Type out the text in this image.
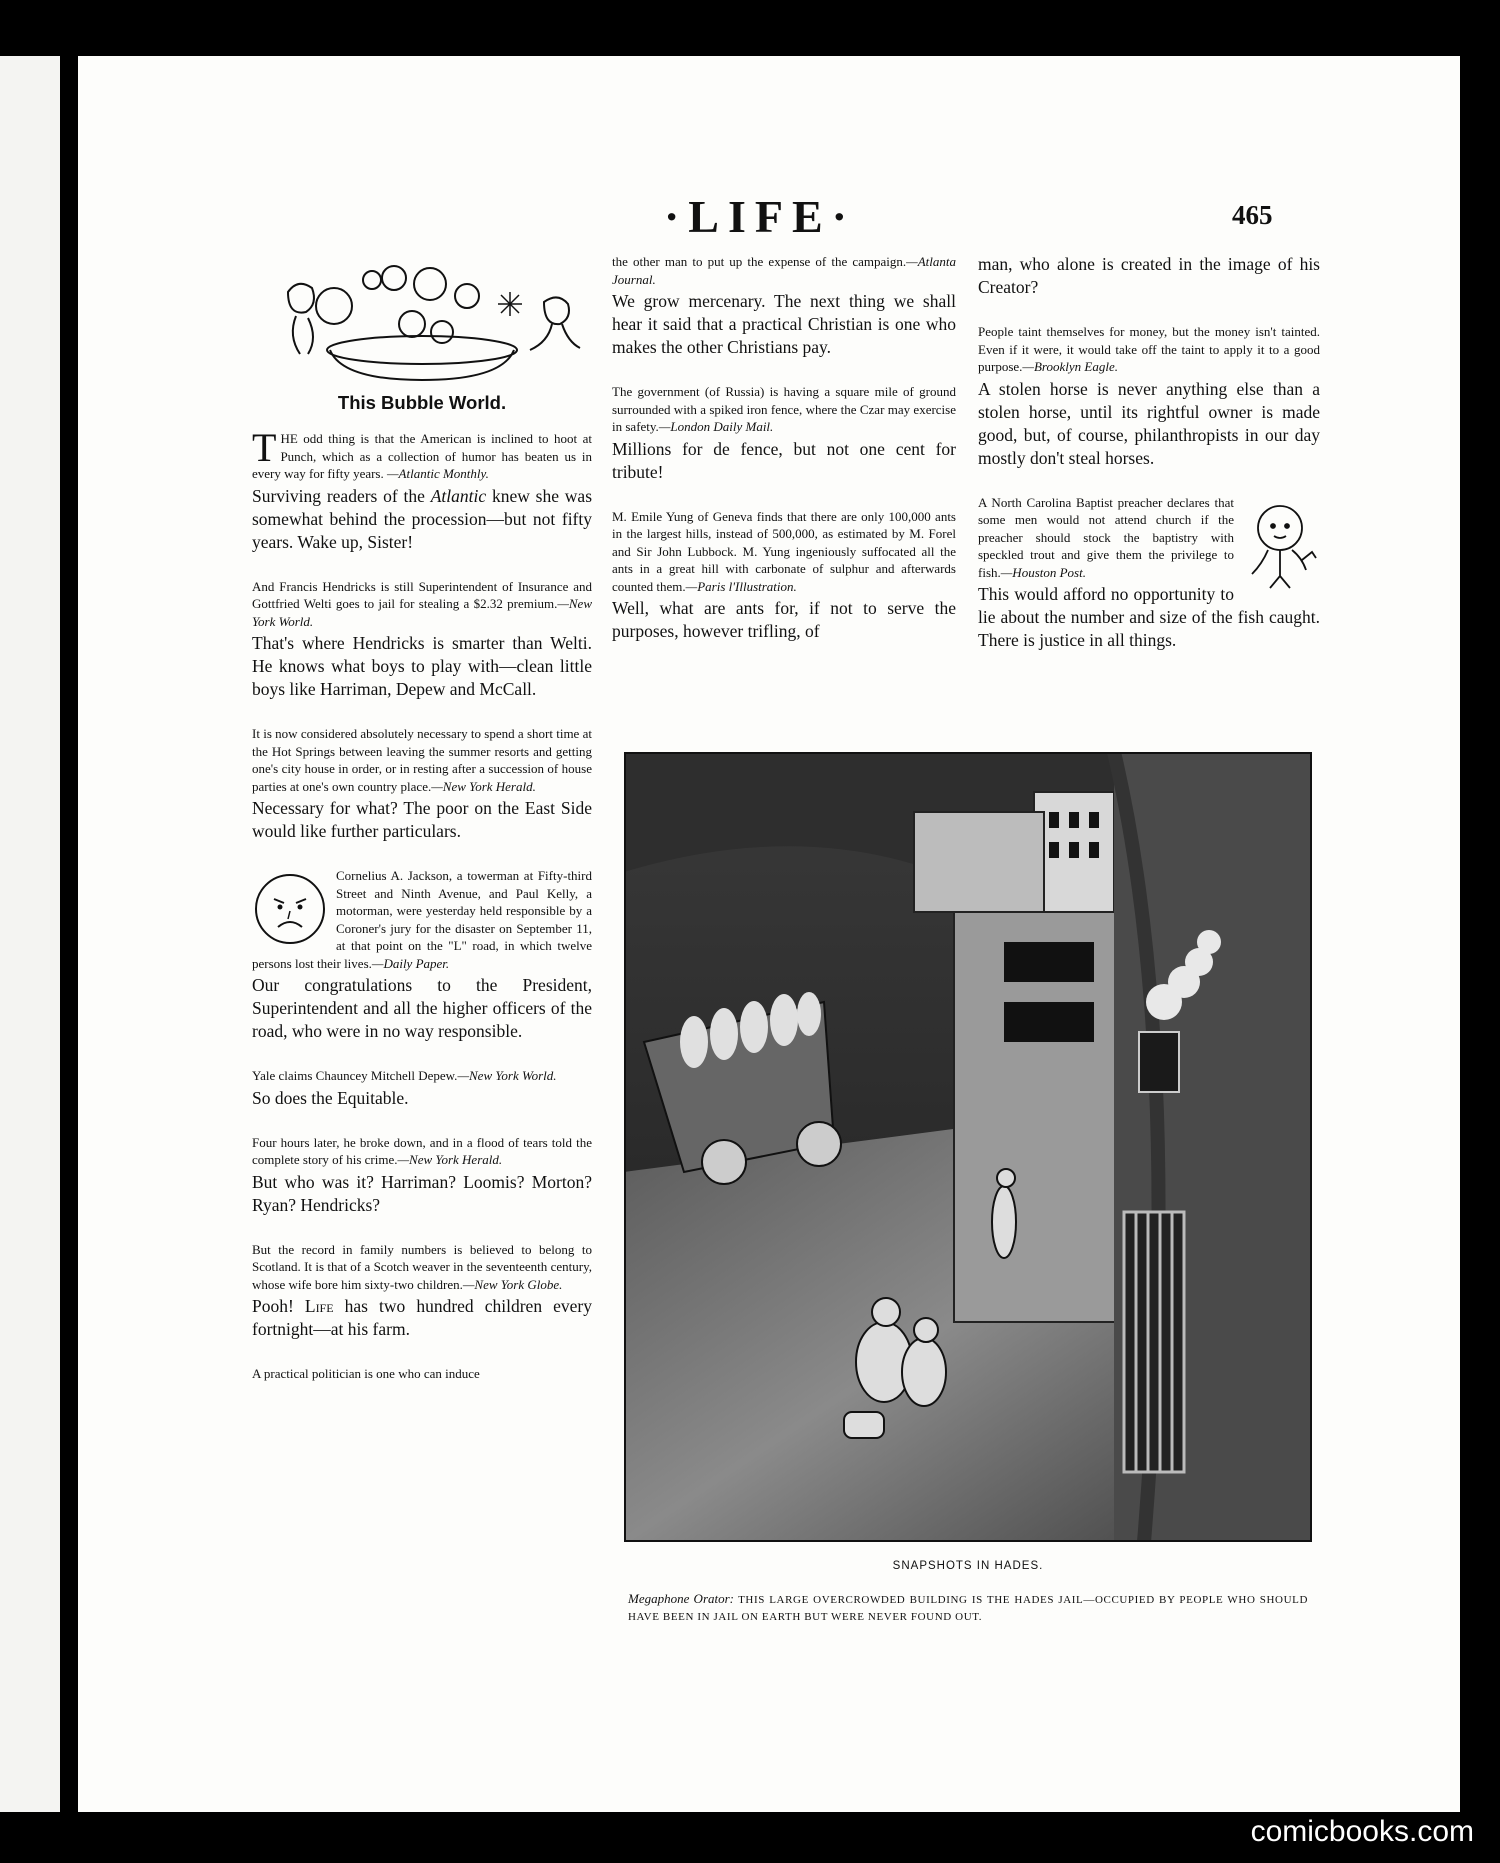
·LIFE·	465
This Bubble World.

THE odd thing is that the American is inclined to hoot at Punch, which as a collection of humor has beaten us in every way for fifty years. —Atlantic Monthly.

Surviving readers of the Atlantic knew she was somewhat behind the procession—but not fifty years. Wake up, Sister!

And Francis Hendricks is still Superintendent of Insurance and Gottfried Welti goes to jail for stealing a $2.32 premium.—New York World.

That's where Hendricks is smarter than Welti. He knows what boys to play with—clean little boys like Harriman, Depew and McCall.

It is now considered absolutely necessary to spend a short time at the Hot Springs between leaving the summer resorts and getting one's city house in order, or in resting after a succession of house parties at one's own country place.—New York Herald.

Necessary for what? The poor on the East Side would like further particulars.

Cornelius A. Jackson, a towerman at Fifty-third Street and Ninth Avenue, and Paul Kelly, a motorman, were yesterday held responsible by a Coroner's jury for the disaster on September 11, at that point on the "L" road, in which twelve persons lost their lives.—Daily Paper.

Our congratulations to the President, Superintendent and all the higher officers of the road, who were in no way responsible.

Yale claims Chauncey Mitchell Depew.—New York World.

So does the Equitable.

Four hours later, he broke down, and in a flood of tears told the complete story of his crime.—New York Herald.

But who was it? Harriman? Loomis? Morton? Ryan? Hendricks?

But the record in family numbers is believed to belong to Scotland. It is that of a Scotch weaver in the seventeenth century, whose wife bore him sixty-two children.—New York Globe.

Pooh! Life has two hundred children every fortnight—at his farm.

A practical politician is one who can induce

the other man to put up the expense of the campaign.—Atlanta Journal.

We grow mercenary. The next thing we shall hear it said that a practical Christian is one who makes the other Christians pay.

The government (of Russia) is having a square mile of ground surrounded with a spiked iron fence, where the Czar may exercise in safety.—London Daily Mail.

Millions for de fence, but not one cent for tribute!

M. Emile Yung of Geneva finds that there are only 100,000 ants in the largest hills, instead of 500,000, as estimated by M. Forel and Sir John Lubbock. M. Yung ingeniously suffocated all the ants in a great hill with carbonate of sulphur and afterwards counted them.—Paris l'Illustration.

Well, what are ants for, if not to serve the purposes, however trifling, of

man, who alone is created in the image of his Creator?

People taint themselves for money, but the money isn't tainted. Even if it were, it would take off the taint to apply it to a good purpose.—Brooklyn Eagle.

A stolen horse is never anything else than a stolen horse, until its rightful owner is made good, but, of course, philanthropists in our day mostly don't steal horses.

A North Carolina Baptist preacher declares that some men would not attend church if the preacher should stock the baptistry with speckled trout and give them the privilege to fish.—Houston Post.

This would afford no opportunity to lie about the number and size of the fish caught. There is justice in all things.

SNAPSHOTS IN HADES.
Megaphone Orator: THIS LARGE OVERCROWDED BUILDING IS THE HADES JAIL—OCCUPIED BY PEOPLE WHO SHOULD HAVE BEEN IN JAIL ON EARTH BUT WERE NEVER FOUND OUT.
comicbooks.com
